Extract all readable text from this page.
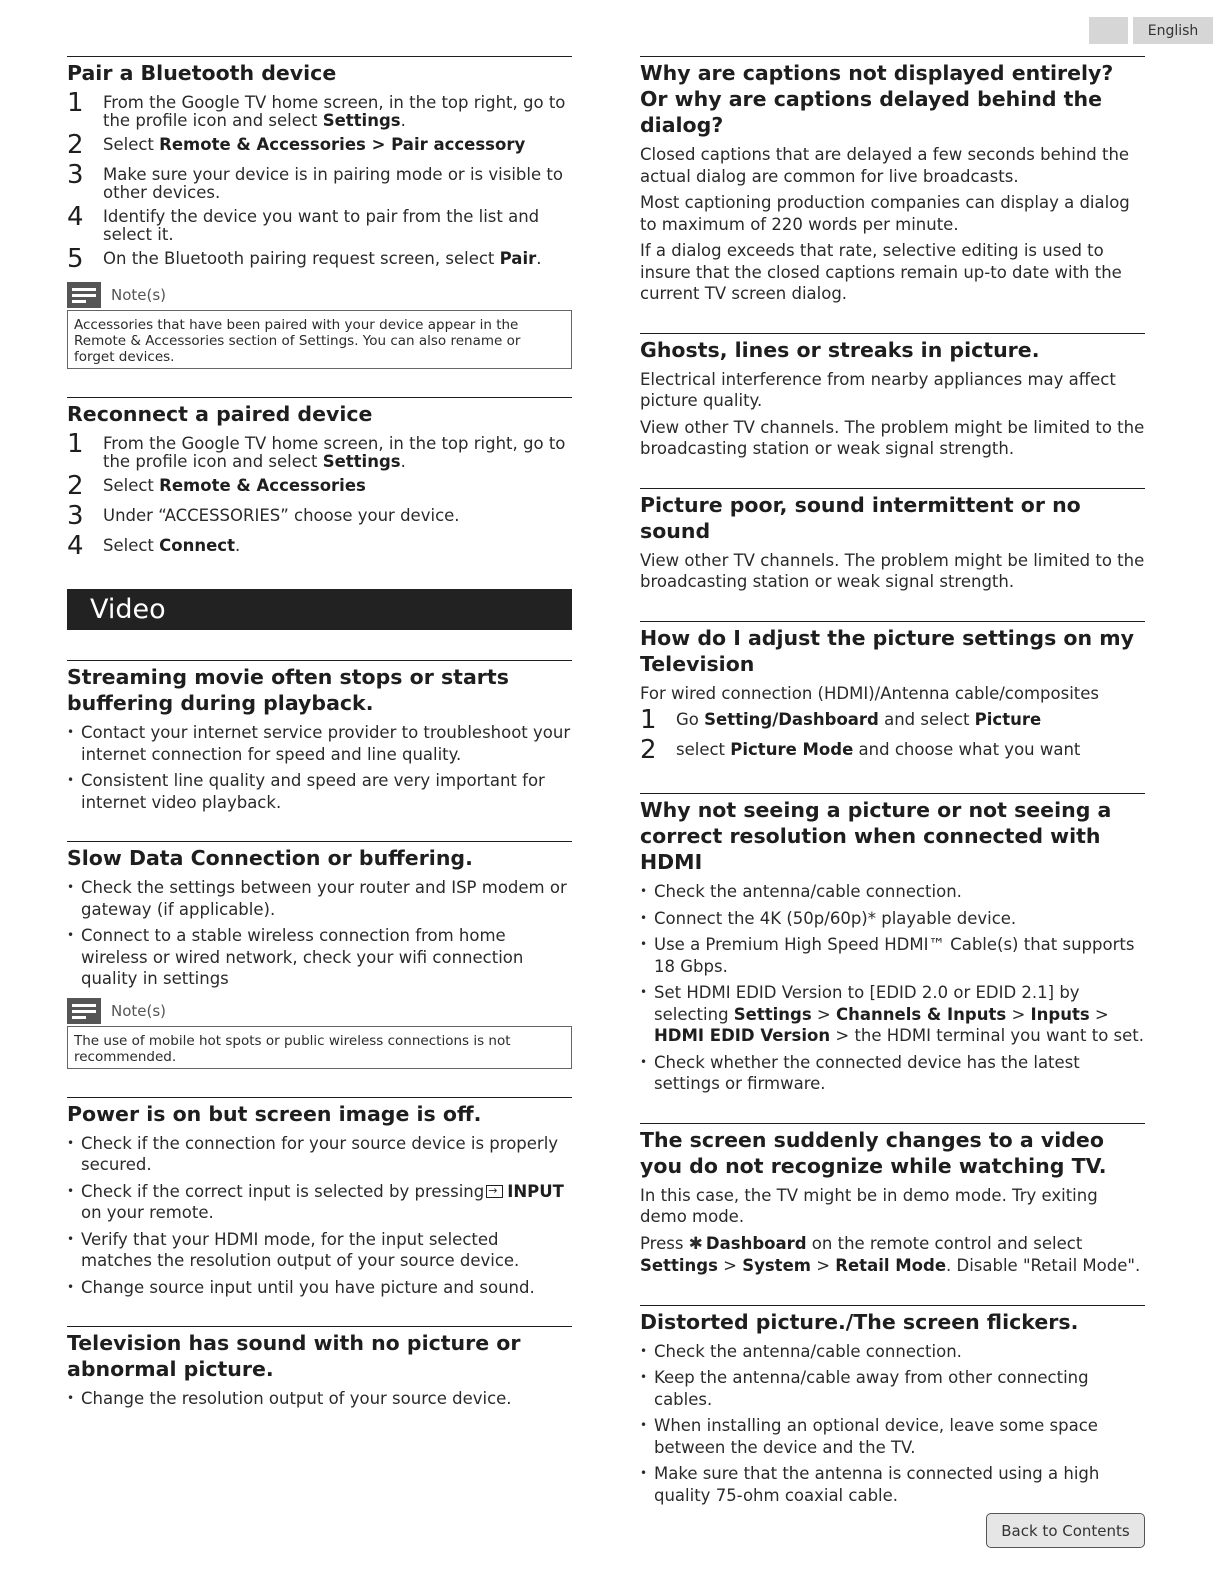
English
Pair a Bluetooth device
1	From the Google TV home screen, in the top right, go to the profile icon and select Settings.
2	Select Remote & Accessories > Pair accessory
3	Make sure your device is in pairing mode or is visible to other devices.
4	Identify the device you want to pair from the list and select it.
5	On the Bluetooth pairing request screen, select Pair.
Note(s)
Accessories that have been paired with your device appear in the Remote & Accessories section of Settings. You can also rename or forget devices.
Reconnect a paired device
1	From the Google TV home screen, in the top right, go to the profile icon and select Settings.
2	Select Remote & Accessories
3	Under “ACCESSORIES” choose your device.
4	Select Connect.
Video
Streaming movie often stops or starts buffering during playback.
• Contact your internet service provider to troubleshoot your internet connection for speed and line quality.
• Consistent line quality and speed are very important for internet video playback.
Slow Data Connection or buffering.
• Check the settings between your router and ISP modem or gateway (if applicable).
• Connect to a stable wireless connection from home wireless or wired network, check your wifi connection quality in settings
Note(s)
The use of mobile hot spots or public wireless connections is not recommended.
Power is on but screen image is off.
• Check if the connection for your source device is properly secured.
• Check if the correct input is selected by pressing→ INPUT on your remote.
• Verify that your HDMI mode, for the input selected matches the resolution output of your source device.
• Change source input until you have picture and sound.
Television has sound with no picture or abnormal picture.
• Change the resolution output of your source device.
Why are captions not displayed entirely? Or why are captions delayed behind the dialog?

Closed captions that are delayed a few seconds behind the actual dialog are common for live broadcasts.

Most captioning production companies can display a dialog to maximum of 220 words per minute.

If a dialog exceeds that rate, selective editing is used to insure that the closed captions remain up-to date with the current TV screen dialog.

Ghosts, lines or streaks in picture.

Electrical interference from nearby appliances may affect picture quality.

View other TV channels. The problem might be limited to the broadcasting station or weak signal strength.

Picture poor, sound intermittent or no sound

View other TV channels. The problem might be limited to the broadcasting station or weak signal strength.

How do I adjust the picture settings on my Television

For wired connection (HDMI)/Antenna cable/composites

1	Go Setting/Dashboard and select Picture
2	select Picture Mode and choose what you want
Why not seeing a picture or not seeing a correct resolution when connected with HDMI
• Check the antenna/cable connection.
• Connect the 4K (50p/60p)* playable device.
• Use a Premium High Speed HDMI™ Cable(s) that supports 18 Gbps.
• Set HDMI EDID Version to [EDID 2.0 or EDID 2.1] by selecting Settings > Channels & Inputs > Inputs > HDMI EDID Version > the HDMI terminal you want to set.
• Check whether the connected device has the latest settings or firmware.
The screen suddenly changes to a video you do not recognize while watching TV.

In this case, the TV might be in demo mode. Try exiting demo mode.

Press ✱ Dashboard on the remote control and select Settings > System > Retail Mode. Disable "Retail Mode".

Distorted picture./The screen flickers.
• Check the antenna/cable connection.
• Keep the antenna/cable away from other connecting cables.
• When installing an optional device, leave some space between the device and the TV.
• Make sure that the antenna is connected using a high quality 75-ohm coaxial cable.
Back to Contents
